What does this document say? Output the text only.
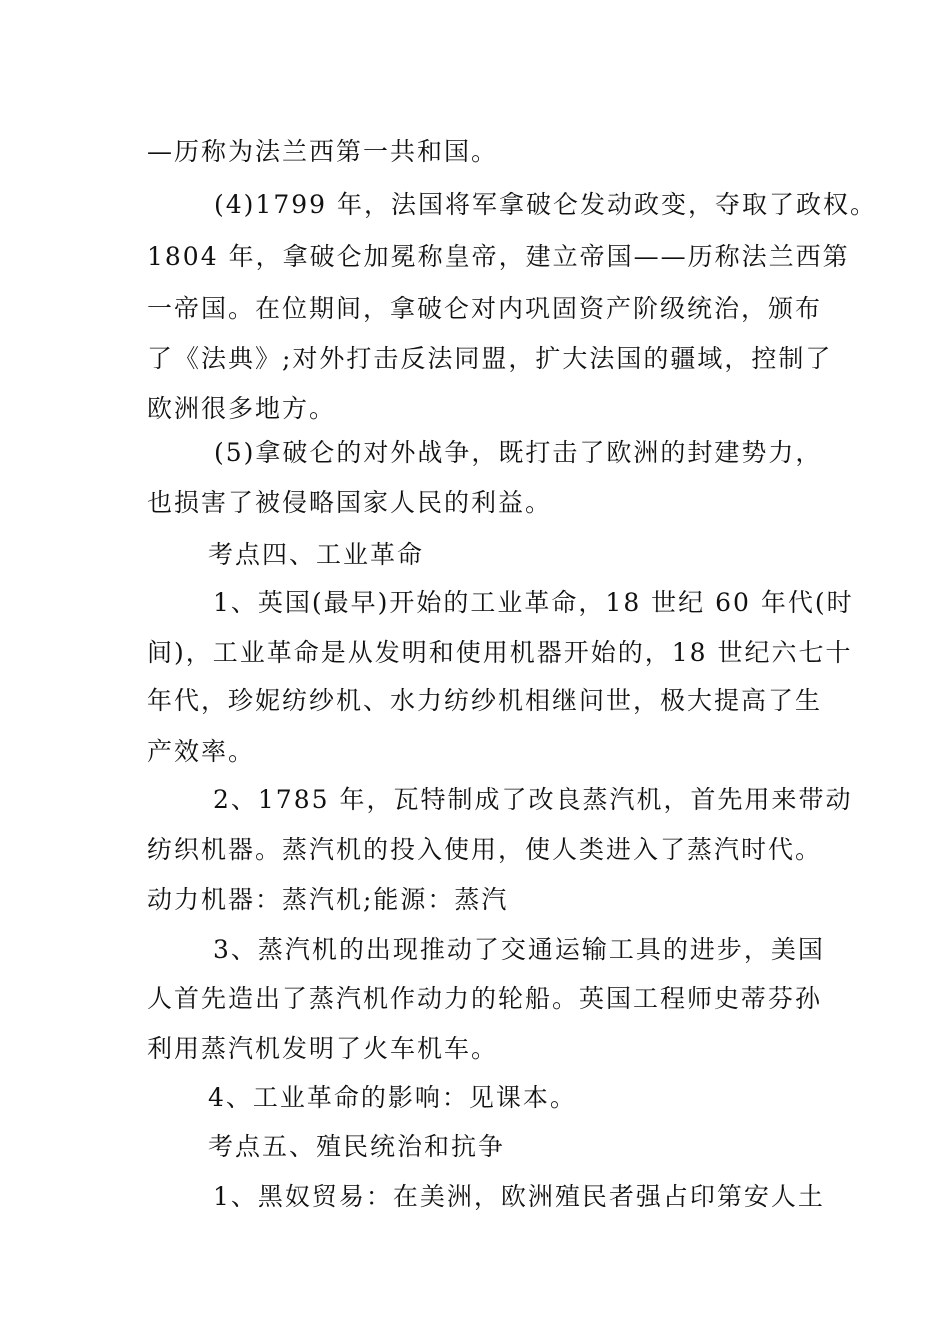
—历称为法兰西第一共和国。
(4)1799 年，法国将军拿破仑发动政变，夺取了政权。
1804 年，拿破仑加冕称皇帝，建立帝国——历称法兰西第
一帝国。在位期间，拿破仑对内巩固资产阶级统治，颁布
了《法典》;对外打击反法同盟，扩大法国的疆域，控制了
欧洲很多地方。
(5)拿破仑的对外战争，既打击了欧洲的封建势力，
也损害了被侵略国家人民的利益。
考点四、工业革命
1、英国(最早)开始的工业革命，18 世纪 60 年代(时
间)，工业革命是从发明和使用机器开始的，18 世纪六七十
年代，珍妮纺纱机、水力纺纱机相继问世，极大提高了生
产效率。
2、1785 年，瓦特制成了改良蒸汽机，首先用来带动
纺织机器。蒸汽机的投入使用，使人类进入了蒸汽时代。
动力机器：蒸汽机;能源：蒸汽
3、蒸汽机的出现推动了交通运输工具的进步，美国
人首先造出了蒸汽机作动力的轮船。英国工程师史蒂芬孙
利用蒸汽机发明了火车机车。
4、工业革命的影响：见课本。
考点五、殖民统治和抗争
1、黑奴贸易：在美洲，欧洲殖民者强占印第安人土
